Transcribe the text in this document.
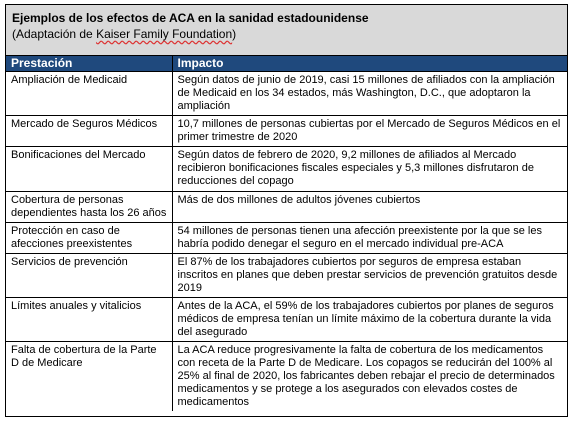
Ejemplos de los efectos de ACA en la sanidad estadounidense
(Adaptación de Kaiser Family Foundation)
Prestación	Impacto
Ampliación de Medicaid	Según datos de junio de 2019, casi 15 millones de afiliados con la ampliación de Medicaid en los 34 estados, más Washington, D.C., que adoptaron la ampliación
Mercado de Seguros Médicos	10,7 millones de personas cubiertas por el Mercado de Seguros Médicos en el primer trimestre de 2020
Bonificaciones del Mercado	Según datos de febrero de 2020, 9,2 millones de afiliados al Mercado recibieron bonificaciones fiscales especiales y 5,3 millones disfrutaron de reducciones del copago
Cobertura de personas dependientes hasta los 26 años	Más de dos millones de adultos jóvenes cubiertos
Protección en caso de afecciones preexistentes	54 millones de personas tienen una afección preexistente por la que se les habría podido denegar el seguro en el mercado individual pre-ACA
Servicios de prevención	El 87% de los trabajadores cubiertos por seguros de empresa estaban inscritos en planes que deben prestar servicios de prevención gratuitos desde 2019
Límites anuales y vitalicios	Antes de la ACA, el 59% de los trabajadores cubiertos por planes de seguros médicos de empresa tenían un límite máximo de la cobertura durante la vida del asegurado
Falta de cobertura de la Parte D de Medicare	La ACA reduce progresivamente la falta de cobertura de los medicamentos con receta de la Parte D de Medicare. Los copagos se reducirán del 100% al 25% al final de 2020, los fabricantes deben rebajar el precio de determinados medicamentos y se protege a los asegurados con elevados costes de medicamentos
